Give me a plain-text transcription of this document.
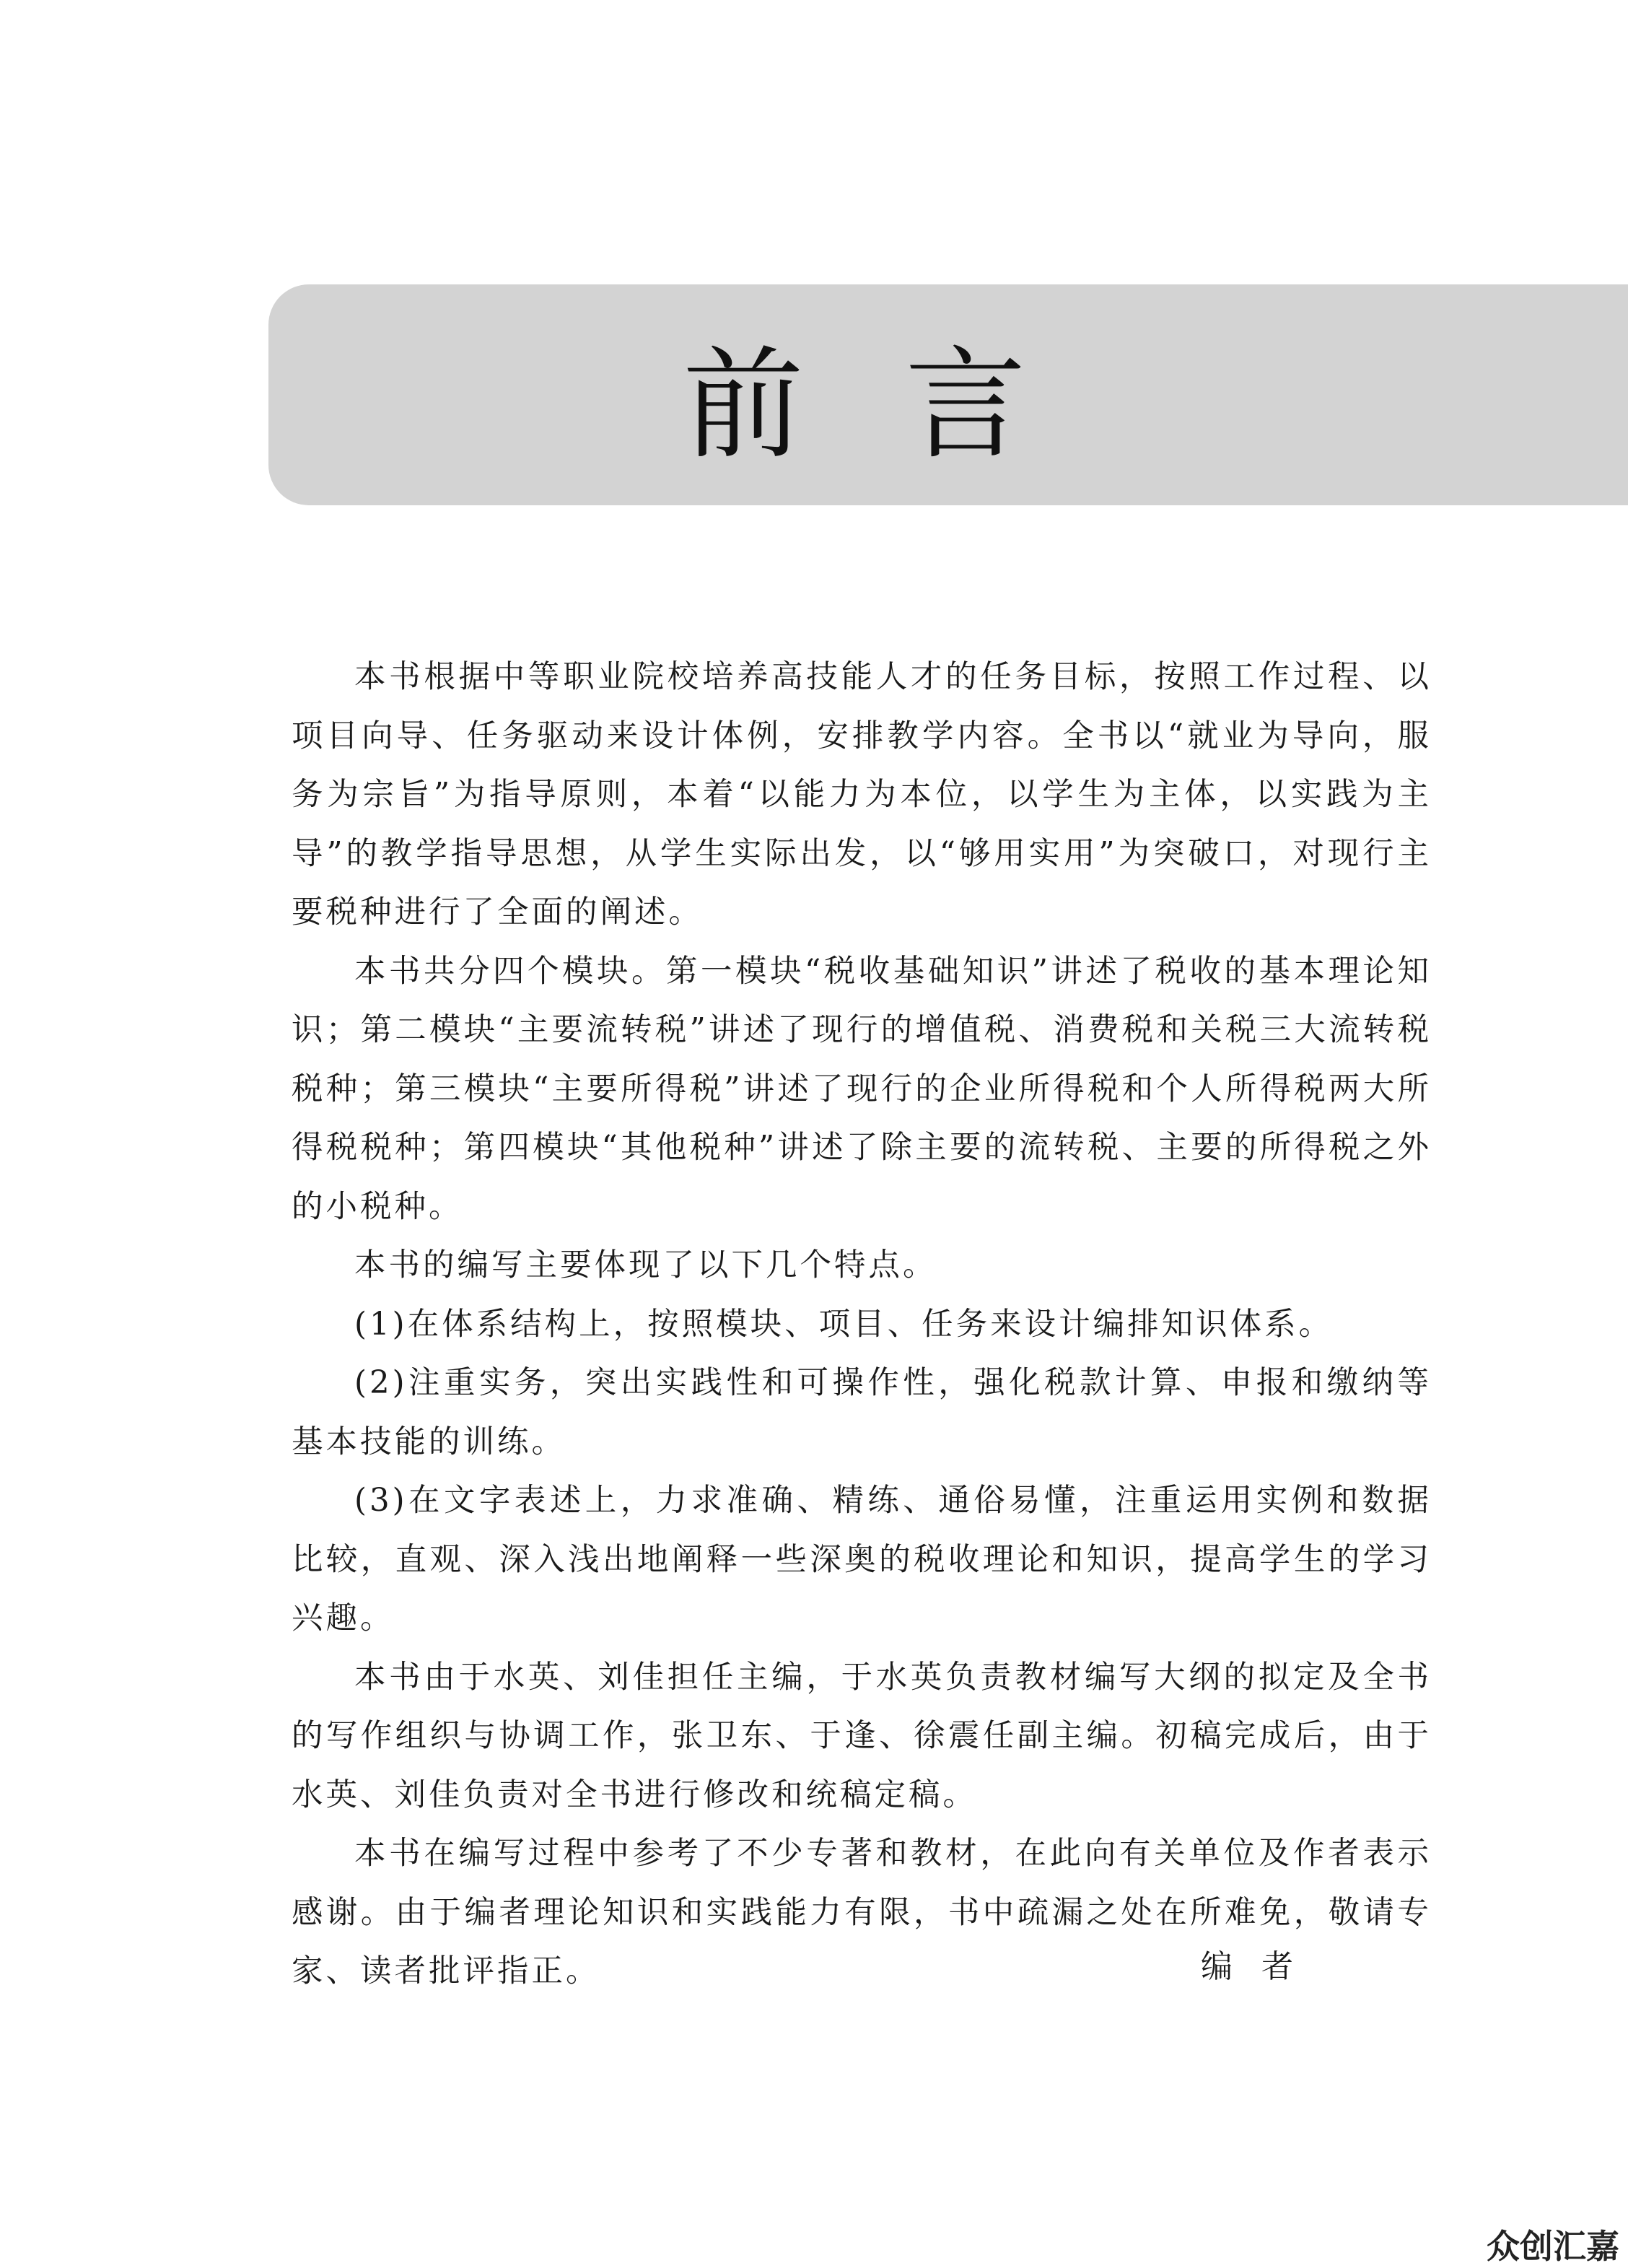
前言

本书根据中等职业院校培养高技能人才的任务目标，按照工作过程、以项目向导、任务驱动来设计体例，安排教学内容。全书以“就业为导向，服务为宗旨”为指导原则，本着“以能力为本位，以学生为主体，以实践为主导”的教学指导思想，从学生实际出发，以“够用实用”为突破口，对现行主要税种进行了全面的阐述。

本书共分四个模块。第一模块“税收基础知识”讲述了税收的基本理论知识；第二模块“主要流转税”讲述了现行的增值税、消费税和关税三大流转税税种；第三模块“主要所得税”讲述了现行的企业所得税和个人所得税两大所得税税种；第四模块“其他税种”讲述了除主要的流转税、主要的所得税之外的小税种。

本书的编写主要体现了以下几个特点。

(1)在体系结构上，按照模块、项目、任务来设计编排知识体系。

(2)注重实务，突出实践性和可操作性，强化税款计算、申报和缴纳等基本技能的训练。

(3)在文字表述上，力求准确、精练、通俗易懂，注重运用实例和数据比较，直观、深入浅出地阐释一些深奥的税收理论和知识，提高学生的学习兴趣。

本书由于水英、刘佳担任主编，于水英负责教材编写大纲的拟定及全书的写作组织与协调工作，张卫东、于逢、徐震任副主编。初稿完成后，由于水英、刘佳负责对全书进行修改和统稿定稿。

本书在编写过程中参考了不少专著和教材，在此向有关单位及作者表示感谢。由于编者理论知识和实践能力有限，书中疏漏之处在所难免，敬请专家、读者批评指正。	编者
众创汇嘉
